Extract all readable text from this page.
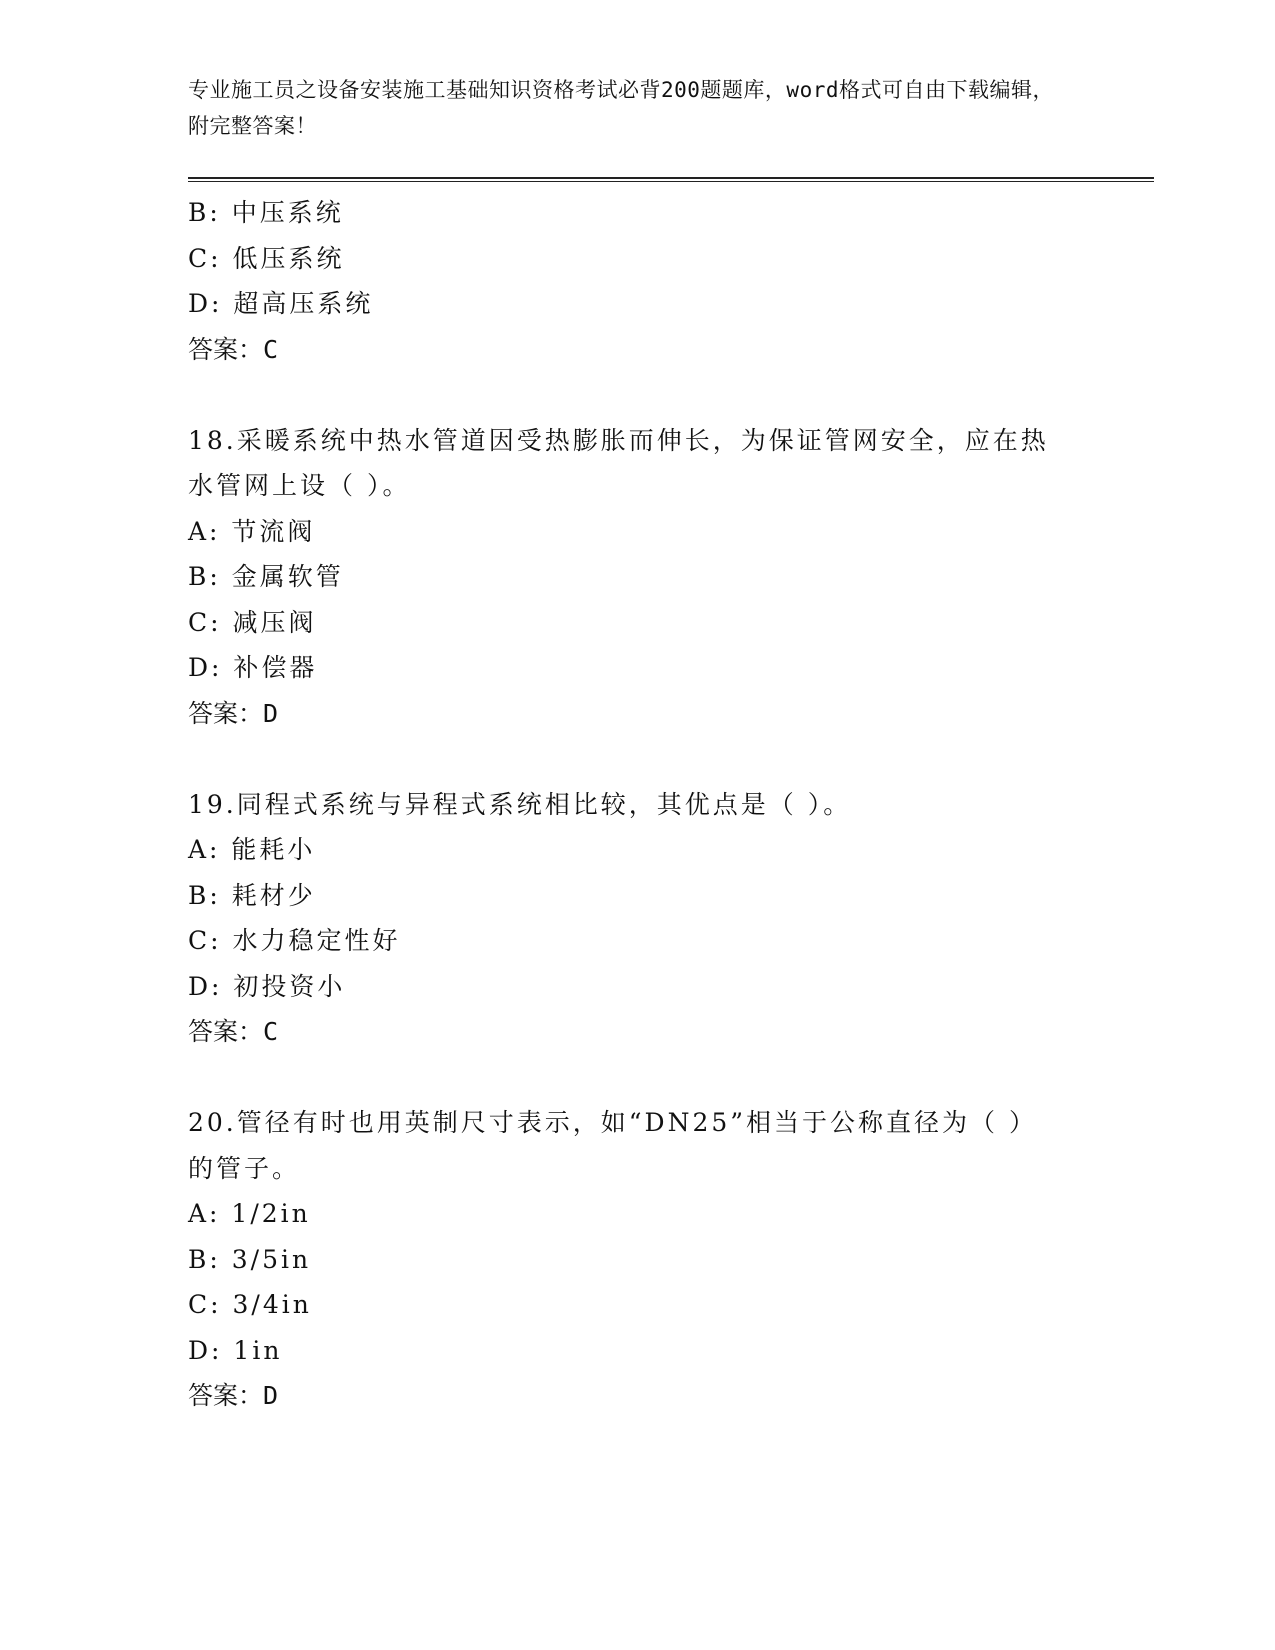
专业施工员之设备安装施工基础知识资格考试必背200题题库，word格式可自由下载编辑，附完整答案！
B: 中压系统
C: 低压系统
D: 超高压系统
答案：C
18.采暖系统中热水管道因受热膨胀而伸长，为保证管网安全，应在热
水管网上设（ ）。
A: 节流阀
B: 金属软管
C: 减压阀
D: 补偿器
答案：D
19.同程式系统与异程式系统相比较，其优点是（ ）。
A: 能耗小
B: 耗材少
C: 水力稳定性好
D: 初投资小
答案：C
20.管径有时也用英制尺寸表示，如“DN25”相当于公称直径为（ ）
的管子。
A: 1/2in
B: 3/5in
C: 3/4in
D: 1in
答案：D
